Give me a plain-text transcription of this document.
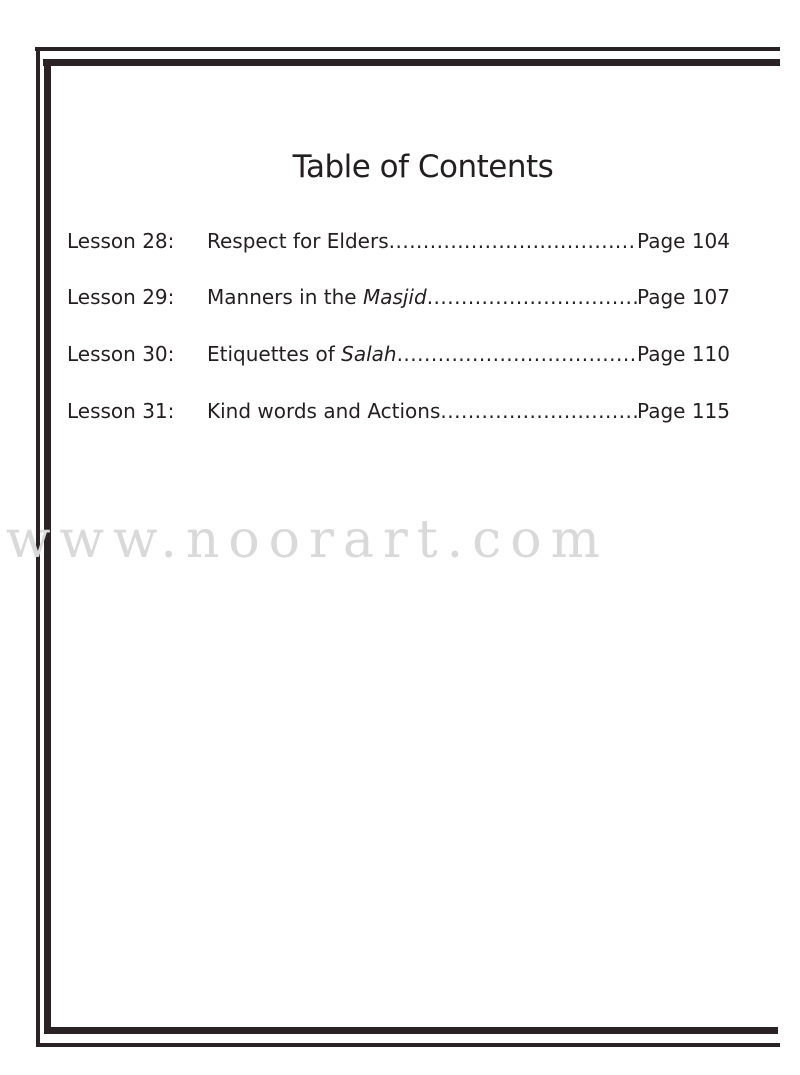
www.noorart.com
Table of Contents
Lesson 28:	Respect for Elders .....	Page 104
Lesson 29:	Manners in the Masjid .....	Page 107
Lesson 30:	Etiquettes of Salah .....	Page 110
Lesson 31:	Kind words and Actions .....	Page 115
